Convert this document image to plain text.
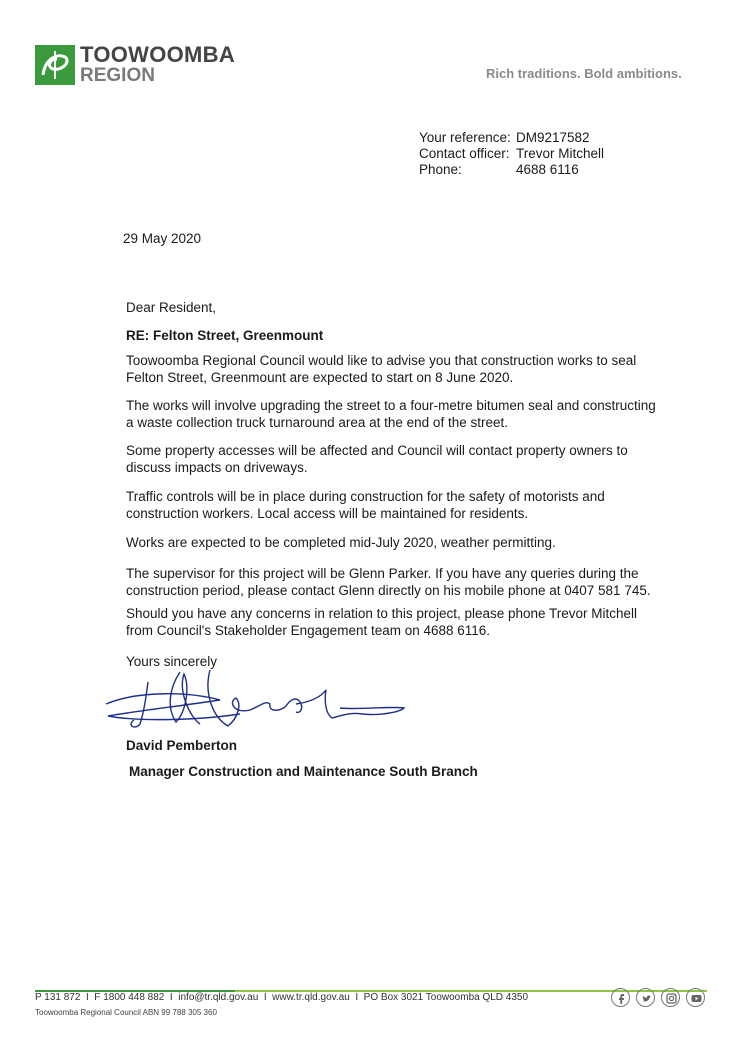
TOOWOOMBA
REGION	Rich traditions. Bold ambitions.
Your reference: DM9217582
Contact officer: Trevor Mitchell
Phone:	4688 6116
29 May 2020
Dear Resident,
RE: Felton Street, Greenmount
Toowoomba Regional Council would like to advise you that construction works to seal
Felton Street, Greenmount are expected to start on 8 June 2020.
The works will involve upgrading the street to a four-metre bitumen seal and constructing
a waste collection truck turnaround area at the end of the street.
Some property accesses will be affected and Council will contact property owners to
discuss impacts on driveways.
Traffic controls will be in place during construction for the safety of motorists and
construction workers. Local access will be maintained for residents.
Works are expected to be completed mid-July 2020, weather permitting.
The supervisor for this project will be Glenn Parker. If you have any queries during the
construction period, please contact Glenn directly on his mobile phone at 0407 581 745.
Should you have any concerns in relation to this project, please phone Trevor Mitchell
from Council's Stakeholder Engagement team on 4688 6116.
Yours sincerely
David Pemberton
Manager Construction and Maintenance South Branch
P 131 872  I  F 1800 448 882  I  info@tr.qld.gov.au  I  www.tr.qld.gov.au  I  PO Box 3021 Toowoomba QLD 4350
Toowoomba Regional Council ABN 99 788 305 360
